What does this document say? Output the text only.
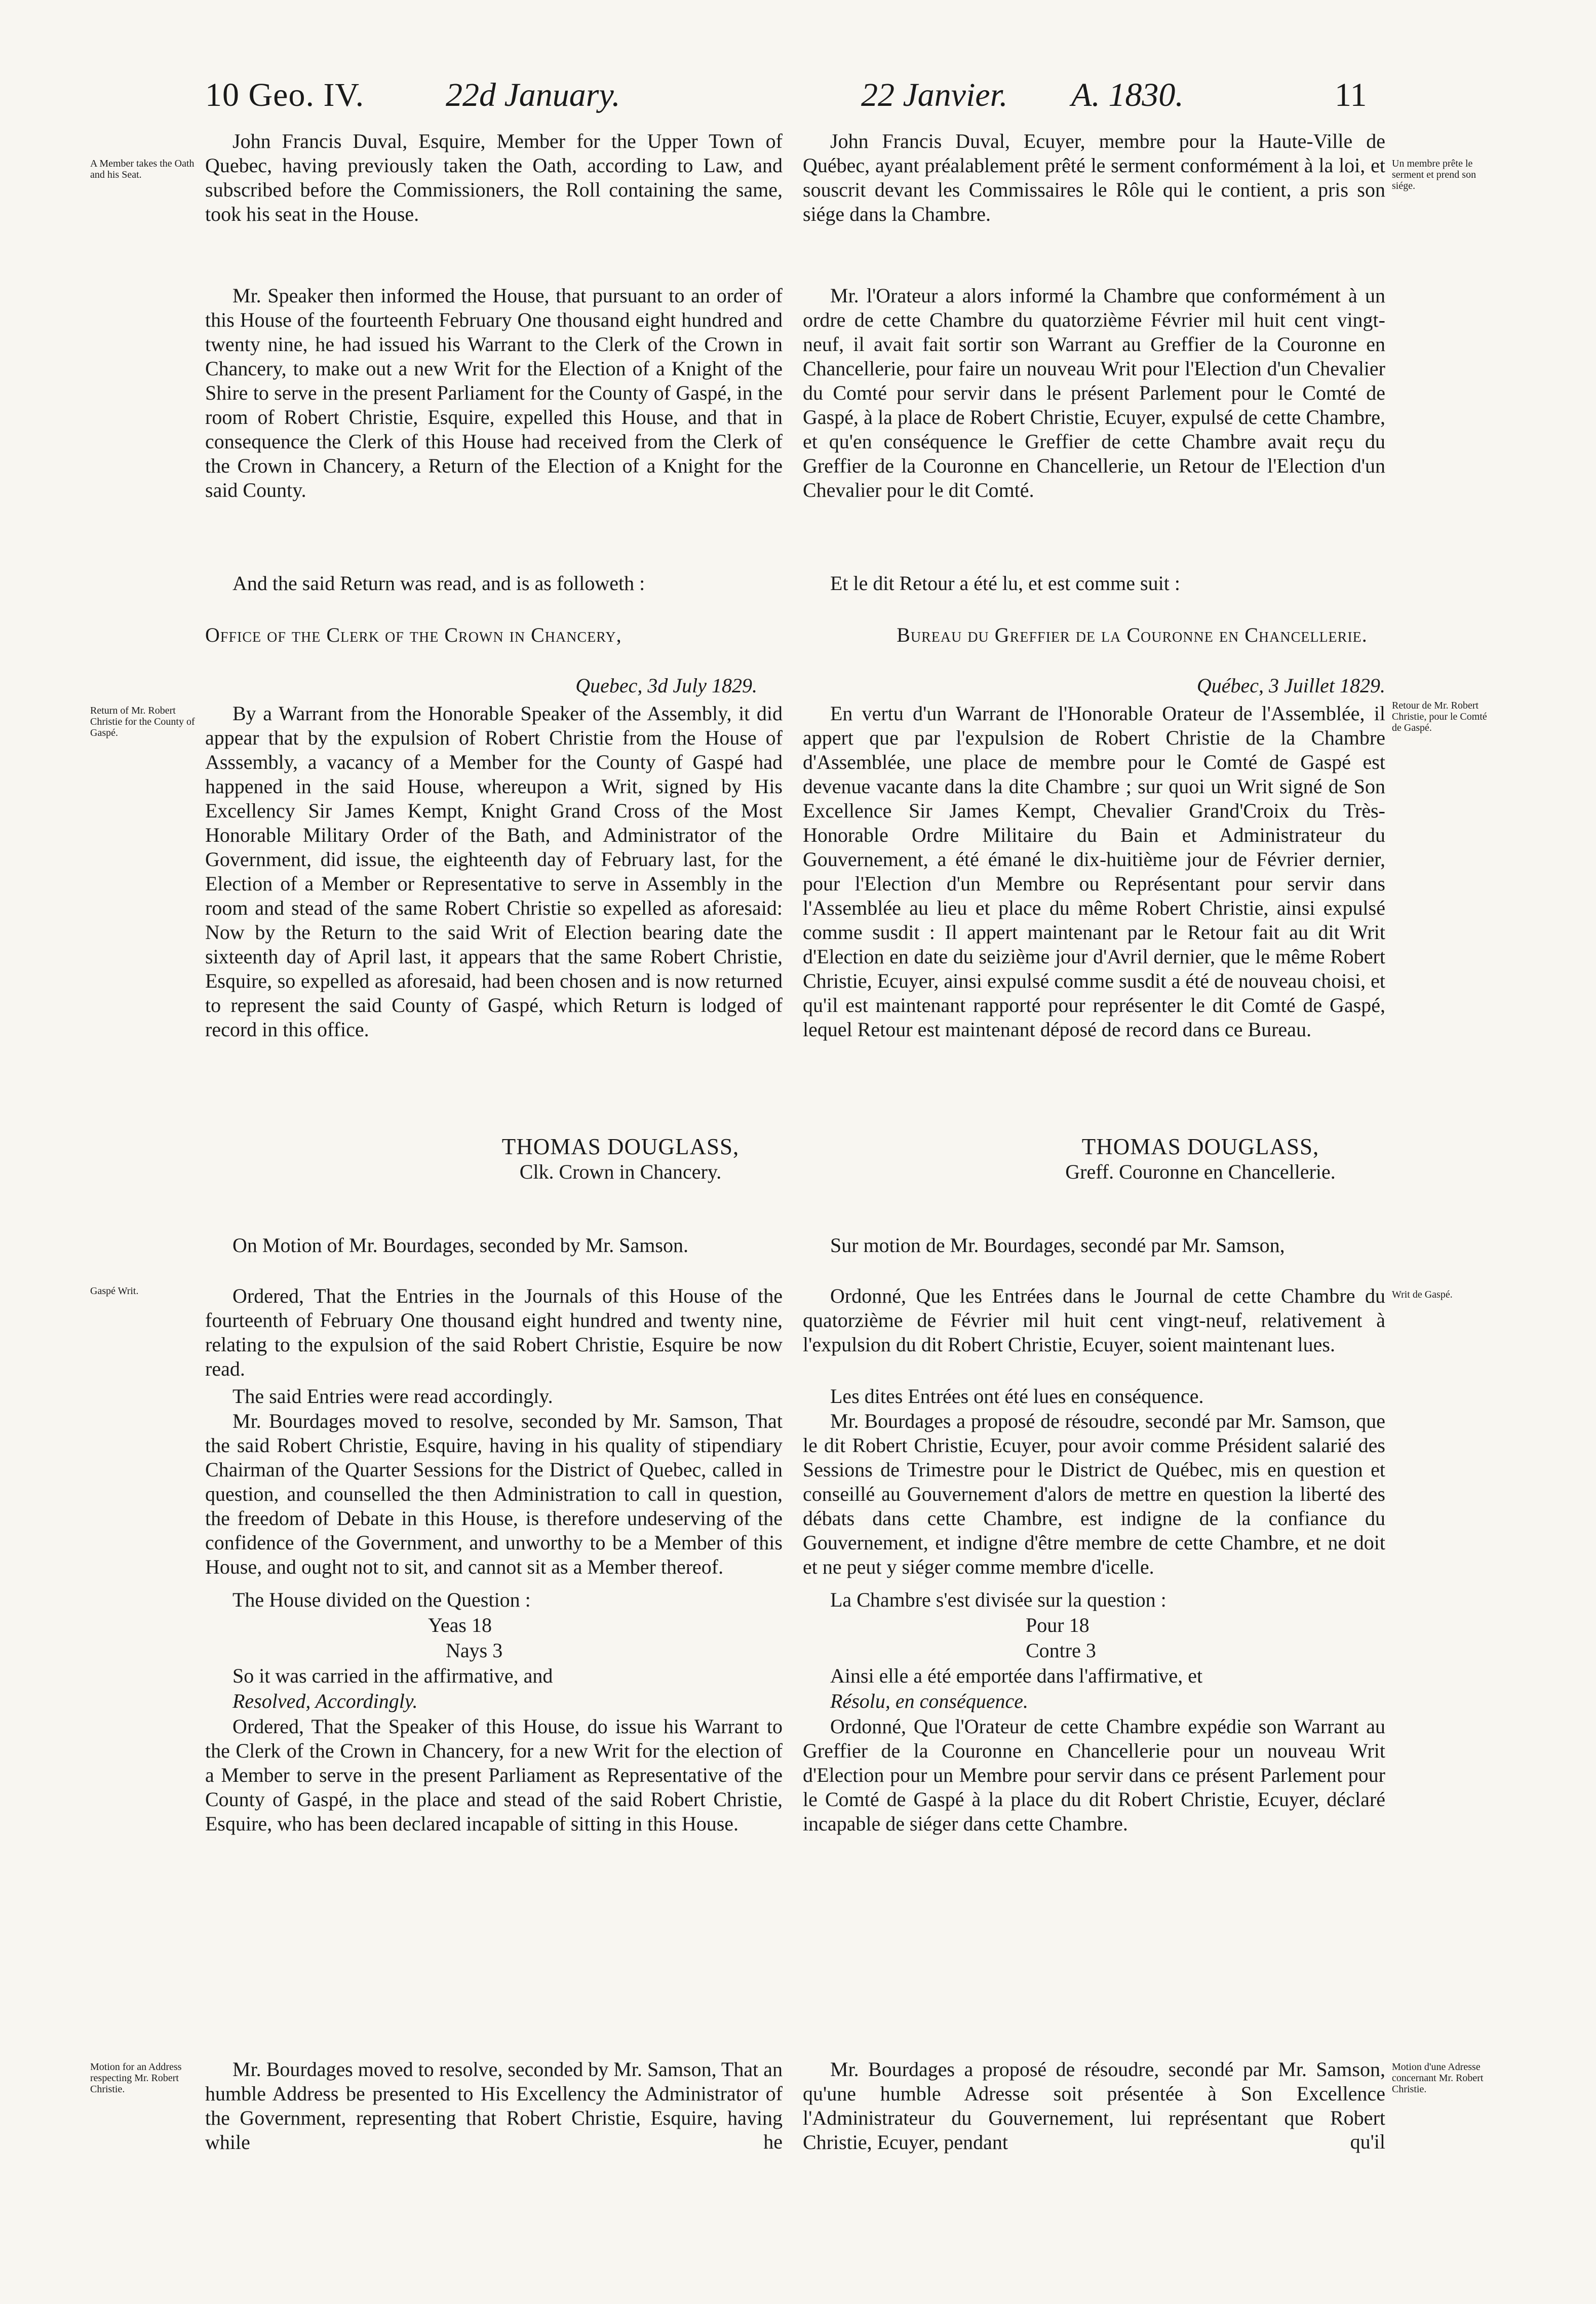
10 Geo. IV. 22d January.	22 Janvier. A. 1830.	11
A Member takes the Oath and his Seat.
Return of Mr. Robert Christie for the County of Gaspé.
Gaspé Writ.
Motion for an Address respecting Mr. Robert Christie.
Un membre prête le serment et prend son siége.
Retour de Mr. Robert Christie, pour le Comté de Gaspé.
Writ de Gaspé.
Motion d'une Adresse concernant Mr. Robert Christie.
John Francis Duval, Esquire, Member for the Upper Town of Quebec, having previously taken the Oath, according to Law, and subscribed before the Commissioners, the Roll containing the same, took his seat in the House.
Mr. Speaker then informed the House, that pursuant to an order of this House of the fourteenth February One thousand eight hundred and twenty nine, he had issued his Warrant to the Clerk of the Crown in Chancery, to make out a new Writ for the Election of a Knight of the Shire to serve in the present Parliament for the County of Gaspé, in the room of Robert Christie, Esquire, expelled this House, and that in consequence the Clerk of this House had received from the Clerk of the Crown in Chancery, a Return of the Election of a Knight for the said County.
And the said Return was read, and is as followeth :
Office of the Clerk of the Crown in Chancery,
Quebec, 3d July 1829.
By a Warrant from the Honorable Speaker of the Assembly, it did appear that by the expulsion of Robert Christie from the House of Asssembly, a vacancy of a Member for the County of Gaspé had happened in the said House, whereupon a Writ, signed by His Excellency Sir James Kempt, Knight Grand Cross of the Most Honorable Military Order of the Bath, and Administrator of the Government, did issue, the eighteenth day of February last, for the Election of a Member or Representative to serve in Assembly in the room and stead of the same Robert Christie so expelled as aforesaid: Now by the Return to the said Writ of Election bearing date the sixteenth day of April last, it appears that the same Robert Christie, Esquire, so expelled as aforesaid, had been chosen and is now returned to represent the said County of Gaspé, which Return is lodged of record in this office.
THOMAS DOUGLASS,
Clk. Crown in Chancery.
On Motion of Mr. Bourdages, seconded by Mr. Samson.
Ordered, That the Entries in the Journals of this House of the fourteenth of February One thousand eight hundred and twenty nine, relating to the expulsion of the said Robert Christie, Esquire be now read.
The said Entries were read accordingly.
Mr. Bourdages moved to resolve, seconded by Mr. Samson, That the said Robert Christie, Esquire, having in his quality of stipendiary Chairman of the Quarter Sessions for the District of Quebec, called in question, and counselled the then Administration to call in question, the freedom of Debate in this House, is therefore undeserving of the confidence of the Government, and unworthy to be a Member of this House, and ought not to sit, and cannot sit as a Member thereof.
The House divided on the Question :
Yeas 18
Nays 3
So it was carried in the affirmative, and
Resolved, Accordingly.
Ordered, That the Speaker of this House, do issue his Warrant to the Clerk of the Crown in Chancery, for a new Writ for the election of a Member to serve in the present Parliament as Representative of the County of Gaspé, in the place and stead of the said Robert Christie, Esquire, who has been declared incapable of sitting in this House.
Mr. Bourdages moved to resolve, seconded by Mr. Samson, That an humble Address be presented to His Excellency the Administrator of the Government, representing that Robert Christie, Esquire, having while	he
John Francis Duval, Ecuyer, membre pour la Haute-Ville de Québec, ayant préalablement prêté le serment conformément à la loi, et souscrit devant les Commissaires le Rôle qui le contient, a pris son siége dans la Chambre.
Mr. l'Orateur a alors informé la Chambre que conformément à un ordre de cette Chambre du quatorzième Février mil huit cent vingt-neuf, il avait fait sortir son Warrant au Greffier de la Couronne en Chancellerie, pour faire un nouveau Writ pour l'Election d'un Chevalier du Comté pour servir dans le présent Parlement pour le Comté de Gaspé, à la place de Robert Christie, Ecuyer, expulsé de cette Chambre, et qu'en conséquence le Greffier de cette Chambre avait reçu du Greffier de la Couronne en Chancellerie, un Retour de l'Election d'un Chevalier pour le dit Comté.
Et le dit Retour a été lu, et est comme suit :
Bureau du Greffier de la Couronne en Chancellerie.
Québec, 3 Juillet 1829.
En vertu d'un Warrant de l'Honorable Orateur de l'Assemblée, il appert que par l'expulsion de Robert Christie de la Chambre d'Assemblée, une place de membre pour le Comté de Gaspé est devenue vacante dans la dite Chambre ; sur quoi un Writ signé de Son Excellence Sir James Kempt, Chevalier Grand'Croix du Très-Honorable Ordre Militaire du Bain et Administrateur du Gouvernement, a été émané le dix-huitième jour de Février dernier, pour l'Election d'un Membre ou Représentant pour servir dans l'Assemblée au lieu et place du même Robert Christie, ainsi expulsé comme susdit : Il appert maintenant par le Retour fait au dit Writ d'Election en date du seizième jour d'Avril dernier, que le même Robert Christie, Ecuyer, ainsi expulsé comme susdit a été de nouveau choisi, et qu'il est maintenant rapporté pour représenter le dit Comté de Gaspé, lequel Retour est maintenant déposé de record dans ce Bureau.
THOMAS DOUGLASS,
Greff. Couronne en Chancellerie.
Sur motion de Mr. Bourdages, secondé par Mr. Samson,
Ordonné, Que les Entrées dans le Journal de cette Chambre du quatorzième de Février mil huit cent vingt-neuf, relativement à l'expulsion du dit Robert Christie, Ecuyer, soient maintenant lues.
Les dites Entrées ont été lues en conséquence.
Mr. Bourdages a proposé de résoudre, secondé par Mr. Samson, que le dit Robert Christie, Ecuyer, pour avoir comme Président salarié des Sessions de Trimestre pour le District de Québec, mis en question et conseillé au Gouvernement d'alors de mettre en question la liberté des débats dans cette Chambre, est indigne de la confiance du Gouvernement, et indigne d'être membre de cette Chambre, et ne doit et ne peut y siéger comme membre d'icelle.
La Chambre s'est divisée sur la question :
Pour 18
Contre 3
Ainsi elle a été emportée dans l'affirmative, et
Résolu, en conséquence.
Ordonné, Que l'Orateur de cette Chambre expédie son Warrant au Greffier de la Couronne en Chancellerie pour un nouveau Writ d'Election pour un Membre pour servir dans ce présent Parlement pour le Comté de Gaspé à la place du dit Robert Christie, Ecuyer, déclaré incapable de siéger dans cette Chambre.
Mr. Bourdages a proposé de résoudre, secondé par Mr. Samson, qu'une humble Adresse soit présentée à Son Excellence l'Administrateur du Gouvernement, lui représentant que Robert Christie, Ecuyer, pendant	qu'il
